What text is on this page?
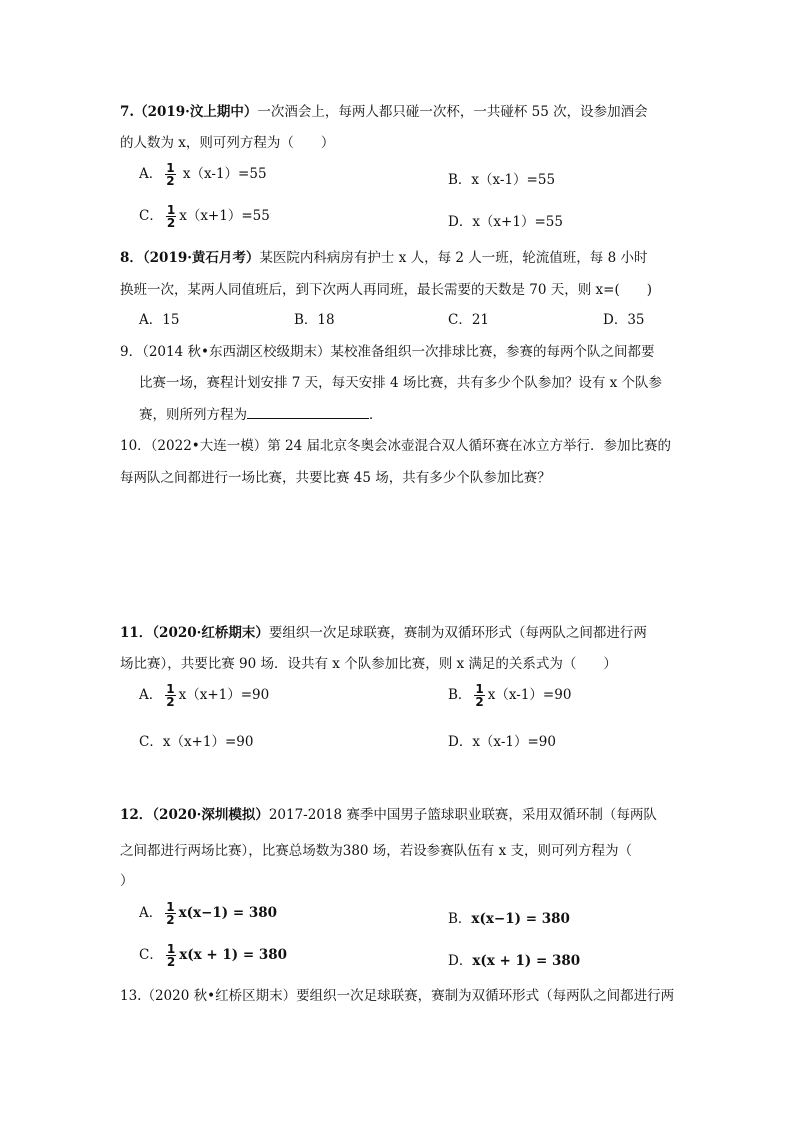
7.（2019·汶上期中）一次酒会上，每两人都只碰一次杯，一共碰杯 55 次，设参加酒会
的人数为 x，则可列方程为（　　）
A． $\frac{1}{2} x(x-1)=55$	B．x（x-1）=55
C． $\frac{1}{2} x(x+1)=55$	D．x（x+1）=55
8．（2019·黄石月考）某医院内科病房有护士 x 人，每 2 人一班，轮流值班，每 8 小时
换班一次，某两人同值班后，到下次两人再同班，最长需要的天数是 70 天，则 x=(　　)
A．15	B．18	C．21	D．35
9．（2014 秋•东西湖区校级期末）某校准备组织一次排球比赛，参赛的每两个队之间都要
比赛一场，赛程计划安排 7 天，每天安排 4 场比赛，共有多少个队参加？设有 x 个队参
赛，则所列方程为	．
10．（2022•大连一模）第 24 届北京冬奥会冰壶混合双人循环赛在冰立方举行．参加比赛的
每两队之间都进行一场比赛，共要比赛 45 场，共有多少个队参加比赛？
11．（2020·红桥期末）要组织一次足球联赛，赛制为双循环形式（每两队之间都进行两
场比赛），共要比赛 90 场．设共有 x 个队参加比赛，则 x 满足的关系式为（　　）
A． $\frac{1}{2} x(x+1)=90$	B． $\frac{1}{2} x(x-1)=90$
C．x（x+1）=90	D．x（x-1）=90
12．（2020·深圳模拟）2017-2018 赛季中国男子篮球职业联赛，采用双循环制（每两队
之间都进行两场比赛），比赛总场数为380 场，若设参赛队伍有 x 支，则可列方程为（
）
A． $\frac{1}{2} x(x-1) = 380$	B．x(x−1) = 380
C． $\frac{1}{2} x(x + 1) = 380$	D．x(x + 1) = 380
13.（2020 秋•红桥区期末）要组织一次足球联赛，赛制为双循环形式（每两队之间都进行两
